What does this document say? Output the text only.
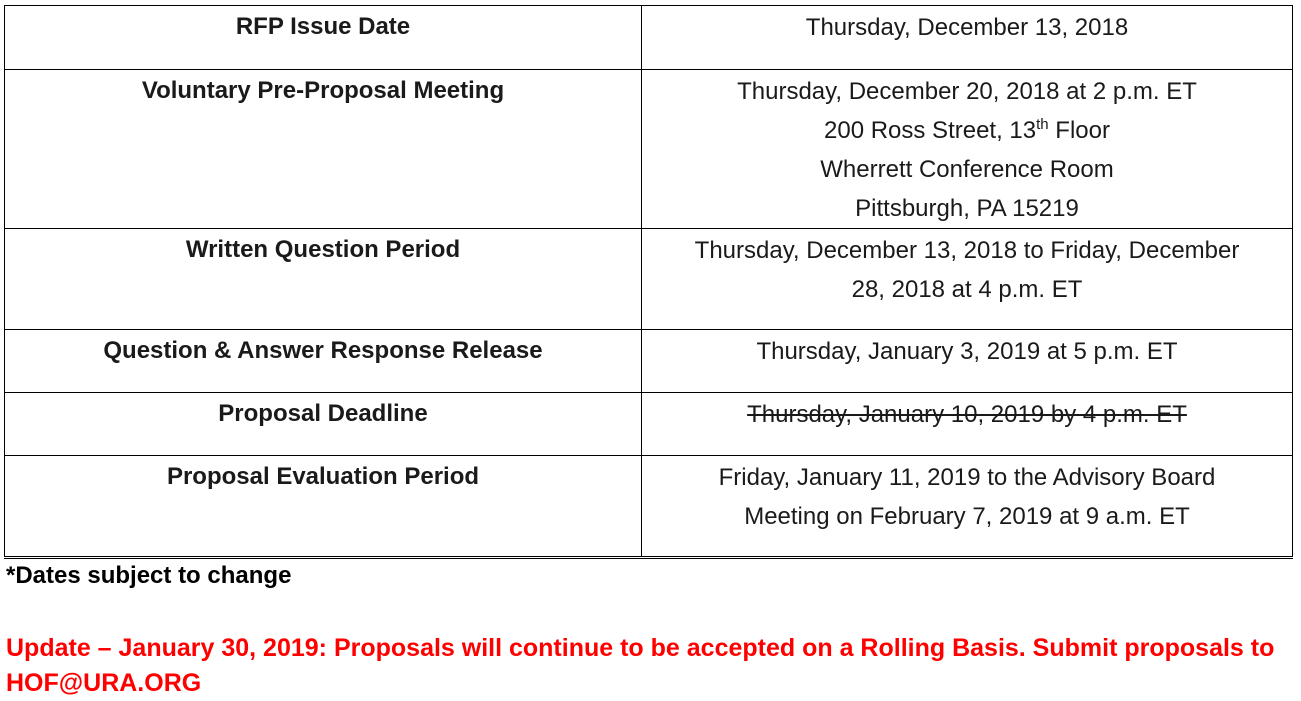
RFP Issue Date	Thursday, December 13, 2018

Voluntary Pre-Proposal Meeting	Thursday, December 20, 2018 at 2 p.m. ET
200 Ross Street, 13th Floor
Wherrett Conference Room
Pittsburgh, PA 15219

Written Question Period	Thursday, December 13, 2018 to Friday, December
28, 2018 at 4 p.m. ET

Question & Answer Response Release	Thursday, January 3, 2019 at 5 p.m. ET

Proposal Deadline	Thursday, January 10, 2019 by 4 p.m. ET

Proposal Evaluation Period	Friday, January 11, 2019 to the Advisory Board
Meeting on February 7, 2019 at 9 a.m. ET
*Dates subject to change
Update – January 30, 2019: Proposals will continue to be accepted on a Rolling Basis. Submit proposals to HOF@URA.ORG
